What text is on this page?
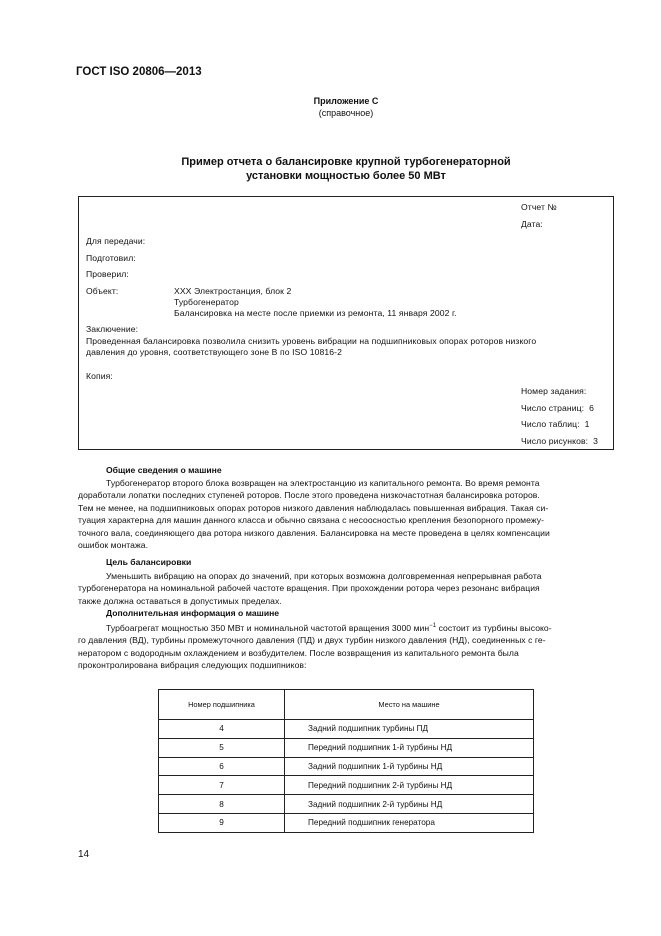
ГОСТ ISO 20806—2013
Приложение С
(справочное)
Пример отчета о балансировке крупной турбогенераторной
установки мощностью более 50 МВт
Отчет №
Дата:
Для передачи:
Подготовил:
Проверил:
Объект:	XXX Электростанция, блок 2
Турбогенератор
Балансировка на месте после приемки из ремонта, 11 января 2002 г.
Заключение:
Проведенная балансировка позволила снизить уровень вибрации на подшипниковых опорах роторов низкого
давления до уровня, соответствующего зоне В по ISO 10816-2
Копия:
Номер задания:
Число страниц: 6
Число таблиц: 1
Число рисунков: 3
Общие сведения о машине
Турбогенератор второго блока возвращен на электростанцию из капитального ремонта. Во время ремонта
доработали лопатки последних ступеней роторов. После этого проведена низкочастотная балансировка роторов.
Тем не менее, на подшипниковых опорах роторов низкого давления наблюдалась повышенная вибрация. Такая си-
туация характерна для машин данного класса и обычно связана с несоосностью крепления безопорного промежу-
точного вала, соединяющего два ротора низкого давления. Балансировка на месте проведена в целях компенсации
ошибок монтажа.
Цель балансировки
Уменьшить вибрацию на опорах до значений, при которых возможна долговременная непрерывная работа
турбогенератора на номинальной рабочей частоте вращения. При прохождении ротора через резонанс вибрация
также должна оставаться в допустимых пределах.
Дополнительная информация о машине
Турбоагрегат мощностью 350 МВт и номинальной частотой вращения 3000 мин$^{-1}$ состоит из турбины высоко-
го давления (ВД), турбины промежуточного давления (ПД) и двух турбин низкого давления (НД), соединенных с ге-
нератором с водородным охлаждением и возбудителем. После возвращения из капитального ремонта была
проконтролирована вибрация следующих подшипников:
Номер подшипника	Место на машине
4	Задний подшипник турбины ПД
5	Передний подшипник 1-й турбины НД
6	Задний подшипник 1-й турбины НД
7	Передний подшипник 2-й турбины НД
8	Задний подшипник 2-й турбины НД
9	Передний подшипник генератора
14
